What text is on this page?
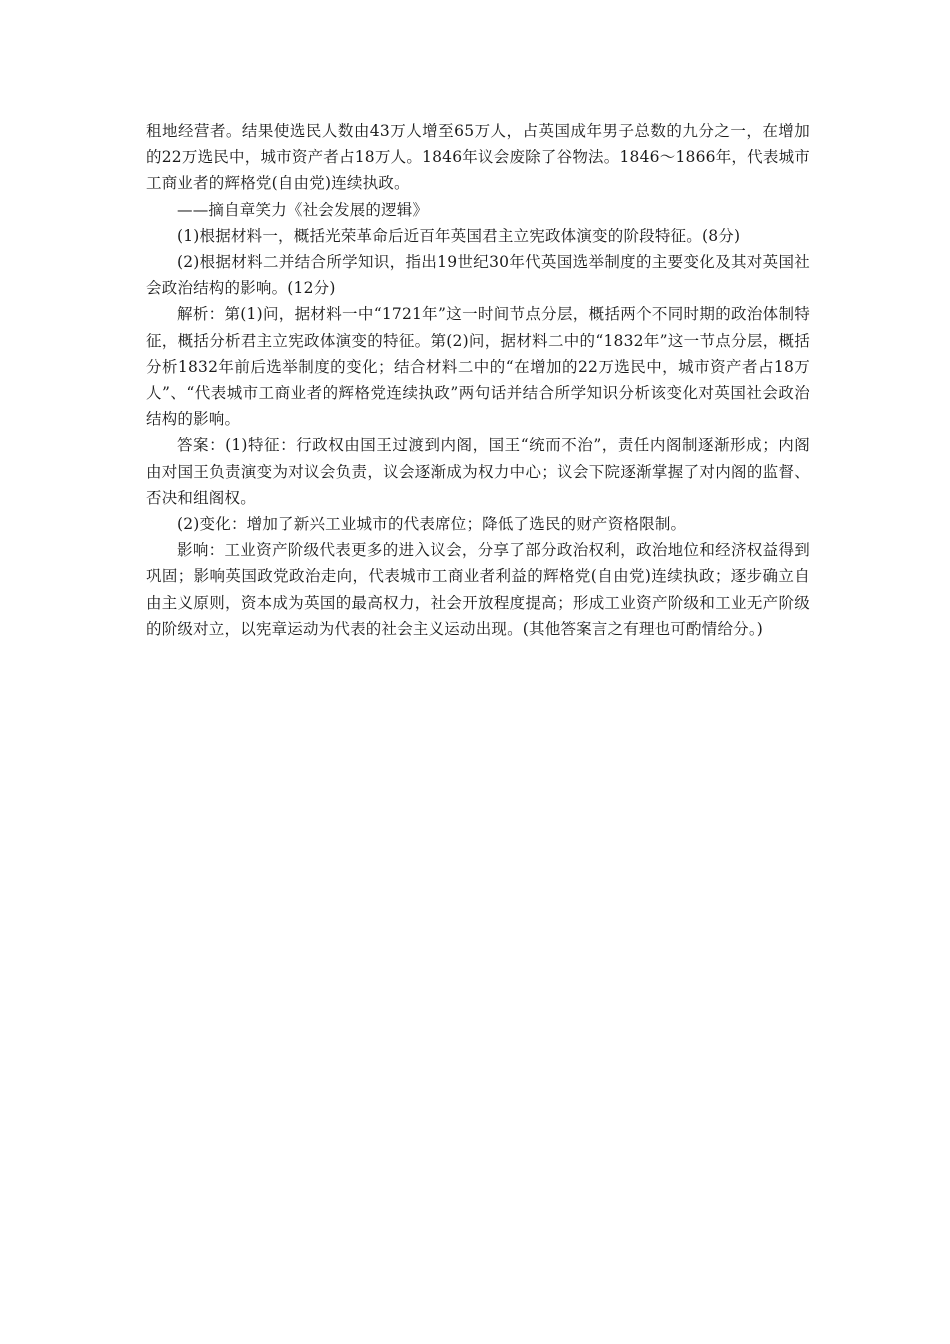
租地经营者。结果使选民人数由43万人增至65万人，占英国成年男子总数的九分之一，在增加的22万选民中，城市资产者占18万人。1846年议会废除了谷物法。1846～1866年，代表城市工商业者的辉格党(自由党)连续执政。

——摘自章笑力《社会发展的逻辑》

(1)根据材料一，概括光荣革命后近百年英国君主立宪政体演变的阶段特征。(8分)

(2)根据材料二并结合所学知识，指出19世纪30年代英国选举制度的主要变化及其对英国社会政治结构的影响。(12分)

解析：第(1)问，据材料一中“1721年”这一时间节点分层，概括两个不同时期的政治体制特征，概括分析君主立宪政体演变的特征。第(2)问，据材料二中的“1832年”这一节点分层，概括分析1832年前后选举制度的变化；结合材料二中的“在增加的22万选民中，城市资产者占18万人”、“代表城市工商业者的辉格党连续执政”两句话并结合所学知识分析该变化对英国社会政治结构的影响。

答案：(1)特征：行政权由国王过渡到内阁，国王“统而不治”，责任内阁制逐渐形成；内阁由对国王负责演变为对议会负责，议会逐渐成为权力中心；议会下院逐渐掌握了对内阁的监督、否决和组阁权。

(2)变化：增加了新兴工业城市的代表席位；降低了选民的财产资格限制。

影响：工业资产阶级代表更多的进入议会，分享了部分政治权利，政治地位和经济权益得到巩固；影响英国政党政治走向，代表城市工商业者利益的辉格党(自由党)连续执政；逐步确立自由主义原则，资本成为英国的最高权力，社会开放程度提高；形成工业资产阶级和工业无产阶级的阶级对立，以宪章运动为代表的社会主义运动出现。(其他答案言之有理也可酌情给分。)
